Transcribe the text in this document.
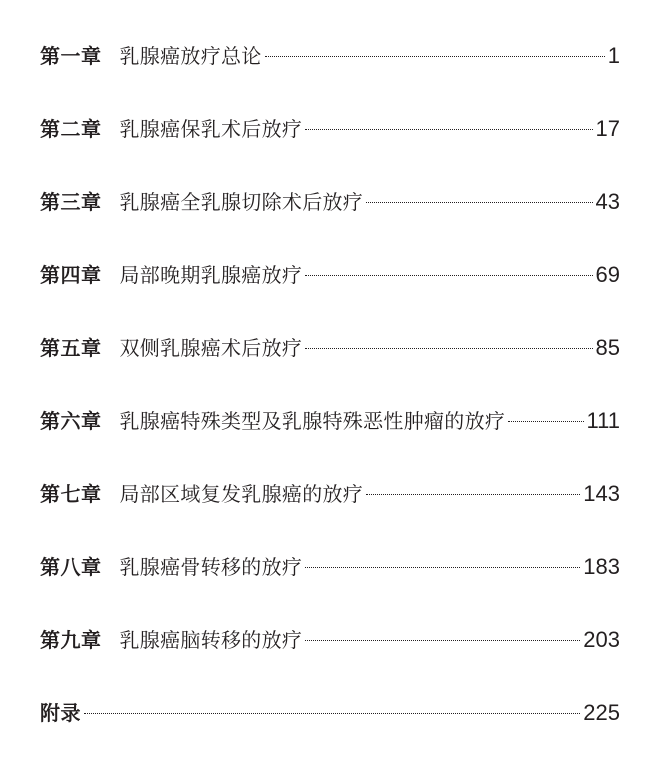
第一章 乳腺癌放疗总论	1
第二章 乳腺癌保乳术后放疗	17
第三章 乳腺癌全乳腺切除术后放疗	43
第四章 局部晚期乳腺癌放疗	69
第五章 双侧乳腺癌术后放疗	85
第六章 乳腺癌特殊类型及乳腺特殊恶性肿瘤的放疗	111
第七章 局部区域复发乳腺癌的放疗	143
第八章 乳腺癌骨转移的放疗	183
第九章 乳腺癌脑转移的放疗	203
附录	225
